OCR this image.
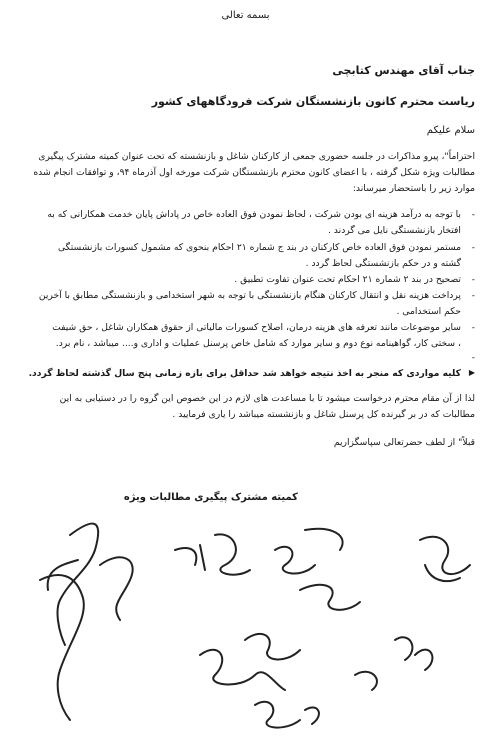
بسمه تعالی
جناب آقای مهندس کتابچی
ریاست محترم کانون بازنشستگان شرکت فرودگاههای کشور
سلام علیکم
احتراماً"، پیرو مذاکرات در جلسه حضوری جمعی از کارکنان شاغل و بازنشسته که تحت عنوان کمیته مشترک پیگیری
مطالبات ویژه شکل گرفته ، با اعضای کانون محترم بازنشستگان شرکت مورخه اول آذرماه ۹۴، و توافقات انجام شده
موارد زیر را باستحضار میرساند:
-
با توجه به درآمد هزینه ای بودن شرکت ، لحاظ نمودن فوق العاده خاص در پاداش پایان خدمت همکارانی که به
افتخار بازنشستگی نایل می گردند .
-
مستمر نمودن فوق العاده خاص کارکنان در بند ج شماره ۲۱ احکام بنحوی که مشمول کسورات بازنشستگی
گشته و در حکم بازنشستگی لحاظ گردد .
-
تصحیح در بند ۲ شماره ۲۱ احکام تحت عنوان تفاوت تطبیق .
-
پرداخت هزینه نقل و انتقال کارکنان هنگام بازنشستگی با توجه به شهر استخدامی و بازنشستگی مطابق با آخرین
حکم استخدامی .
-
سایر موضوعات مانند تعرفه های هزینه درمان، اصلاح کسورات مالیاتی از حقوق همکاران شاغل ، حق شیفت
، سختی کار، گواهینامه نوع دوم و سایر موارد که شامل خاص پرسنل عملیات و اداری و.... میباشد ، نام برد.
-
▶
کلیه مواردی که منجر به اخذ نتیجه خواهد شد حداقل برای بازه زمانی پنج سال گذشته لحاظ گردد.
لذا از آن مقام محترم درخواست میشود تا با مساعدت های لازم در این خصوص این گروه را در دستیابی به این
مطالبات که در بر گیرنده کل پرسنل شاغل و بازنشسته میباشد را یاری فرمایید .
قبلاً" از لطف حضرتعالی سپاسگزاریم
کمیته مشترک پیگیری مطالبات ویژه
